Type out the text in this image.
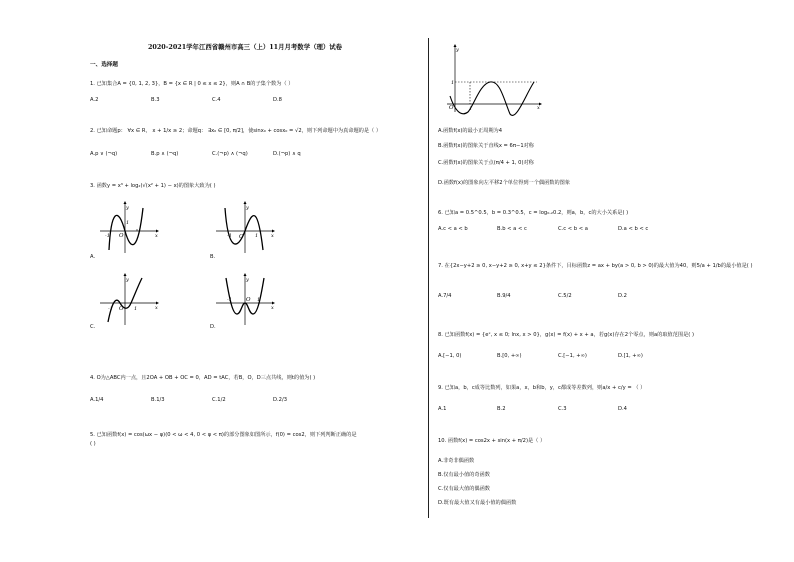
2020-2021学年江西省赣州市高三（上）11月月考数学（理）试卷
一、选择题
1. 已知集合A = {0, 1, 2, 3}，B = {x ∈ R | 0 ≤ x ≤ 2}，则A ∩ B的子集个数为（ ）
A.2	B.3	C.4	D.8
2. 已知命题p： ∀x ∈ R， x + 1/x ≥ 2；命题q： ∃x₀ ∈ [0, π/2]，使sinx₀ + cosx₀ = √2，则下列命题中为真命题的是（ ）
A.p ∨ (¬q)	B.p ∧ (¬q)	C.(¬p) ∧ (¬q)	D.(¬p) ∧ q
3. 函数y = x³ + log₂(√(x² + 1) − x)的图象大致为( )
y
x
O
-1
1
A.
y
x
O
-1	1
B.
y
x
O
-1	1
C.
y
x
O
-1	1
D.
4. O为△ABC内一点，且2OA + OB + OC = 0，AD = tAC，若B，O，D三点共线，则t的值为( )
A.1/4	B.1/3	C.1/2	D.2/3
5. 已知函数f(x) = cos(ωx − φ)(0 < ω < 4, 0 < φ < π)的部分图象如图所示，f(0) = cos2，则下列判断正确的是
( )
y
x
O	1
1
A.函数f(x)的最小正周期为4
B.函数f(x)的图象关于直线x = 6π−1对称
C.函数f(x)的图象关于点(π/4 + 1, 0)对称
D.函数f(x)的图象向左平移2个单位得到一个偶函数的图象
6. 已知a = 0.5^0.5，b = 0.3^0.5，c = log₀.₂0.2，则a，b，c的大小关系是( )
A.c < a < b	B.b < a < c	C.c < b < a	D.a < b < c
7. 在{2x−y+2 ≥ 0, x−y+2 ≥ 0, x+y ≤ 2}条件下，目标函数z = ax + by(a > 0, b > 0)的最大值为40，则5/a + 1/b的最小值是( )
A.7/4	B.9/4	C.5/2	D.2
8. 已知函数f(x) = {eˣ, x ≤ 0; lnx, x > 0}，g(x) = f(x) + x + a，若g(x)存在2个零点，则a的取值范围是( )
A.[−1, 0)	B.[0, +∞)	C.[−1, +∞)	D.[1, +∞)
9. 已知a，b，c成等比数列，如果a，x，b和b，y，c都成等差数列，则a/x + c/y = （ ）
A.1	B.2	C.3	D.4
10. 函数f(x) = cos2x + sin(x + π/2)是（ ）
A.非奇非偶函数
B.仅有最小值的奇函数
C.仅有最大值的偶函数
D.既有最大值又有最小值的偶函数
